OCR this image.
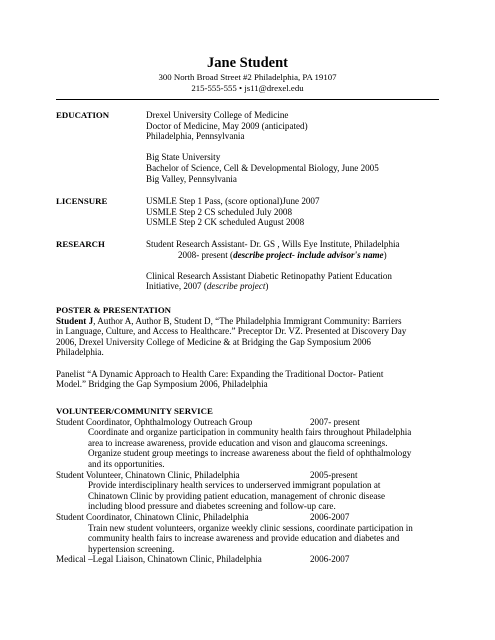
Jane Student
300 North Broad Street #2 Philadelphia, PA 19107
215-555-555 • js11@drexel.edu
EDUCATION	Drexel University College of Medicine
Doctor of Medicine, May 2009 (anticipated)
Philadelphia, Pennsylvania
Big State University
Bachelor of Science, Cell & Developmental Biology, June 2005
Big Valley, Pennsylvania
LICENSURE	USMLE Step 1 Pass, (score optional)June 2007
USMLE Step 2 CS scheduled July 2008
USMLE Step 2 CK scheduled August 2008
RESEARCH	Student Research Assistant- Dr. GS , Wills Eye Institute, Philadelphia
2008- present (describe project- include advisor's name)
Clinical Research Assistant Diabetic Retinopathy Patient Education
Initiative, 2007 (describe project)
POSTER & PRESENTATION
Student J, Author A, Author B, Student D, “The Philadelphia Immigrant Community: Barriers
in Language, Culture, and Access to Healthcare.” Preceptor Dr. VZ. Presented at Discovery Day
2006, Drexel University College of Medicine & at Bridging the Gap Symposium 2006
Philadelphia.
Panelist “A Dynamic Approach to Health Care: Expanding the Traditional Doctor- Patient
Model.” Bridging the Gap Symposium 2006, Philadelphia
VOLUNTEER/COMMUNITY SERVICE
Student Coordinator, Ophthalmology Outreach Group	2007- present
Coordinate and organize participation in community health fairs throughout Philadelphia
area to increase awareness, provide education and vison and glaucoma screenings.
Organize student group meetings to increase awareness about the field of ophthalmology
and its opportunities.
Student Volunteer, Chinatown Clinic, Philadelphia	2005-present
Provide interdisciplinary health services to underserved immigrant population at
Chinatown Clinic by providing patient education, management of chronic disease
including blood pressure and diabetes screening and follow-up care.
Student Coordinator, Chinatown Clinic, Philadelphia	2006-2007
Train new student volunteers, organize weekly clinic sessions, coordinate participation in
community health fairs to increase awareness and provide education and diabetes and
hypertension screening.
Medical –Legal Liaison, Chinatown Clinic, Philadelphia	2006-2007
